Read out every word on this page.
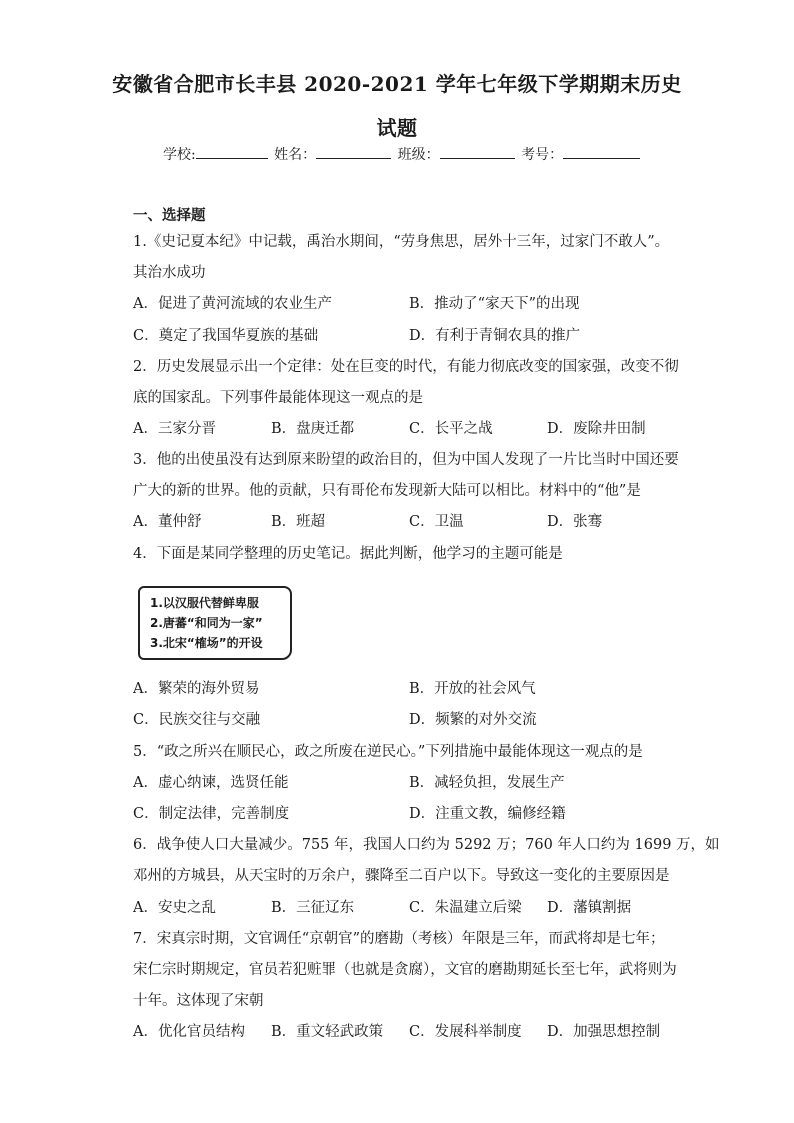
安徽省合肥市长丰县 2020-2021 学年七年级下学期期末历史
试题
学校:	姓名：	班级：	考号：
一、选择题
1.《史记夏本纪》中记载，禹治水期间，“劳身焦思，居外十三年，过家门不敢人”。
其治水成功
A．促进了黄河流域的农业生产	B．推动了“家天下”的出现
C．奠定了我国华夏族的基础	D．有利于青铜农具的推广
2．历史发展显示出一个定律：处在巨变的时代，有能力彻底改变的国家强，改变不彻
底的国家乱。下列事件最能体现这一观点的是
A．三家分晋	B．盘庚迁都	C．长平之战	D．废除井田制
3．他的出使虽没有达到原来盼望的政治目的，但为中国人发现了一片比当时中国还要
广大的新的世界。他的贡献，只有哥伦布发现新大陆可以相比。材料中的“他”是
A．董仲舒	B．班超	C．卫温	D．张骞
4．下面是某同学整理的历史笔记。据此判断，他学习的主题可能是
1.以汉服代替鲜卑服
2.唐蕃“和同为一家”
3.北宋“榷场”的开设
A．繁荣的海外贸易	B．开放的社会风气
C．民族交往与交融	D．频繁的对外交流
5．“政之所兴在顺民心，政之所废在逆民心。”下列措施中最能体现这一观点的是
A．虚心纳谏，选贤任能	B．减轻负担，发展生产
C．制定法律，完善制度	D．注重文教，编修经籍
6．战争使人口大量减少。755 年，我国人口约为 5292 万；760 年人口约为 1699 万，如
邓州的方城县，从天宝时的万余户，骤降至二百户以下。导致这一变化的主要原因是
A．安史之乱	B．三征辽东	C．朱温建立后梁 D．藩镇割据
7．宋真宗时期，文官调任“京朝官”的磨勘（考核）年限是三年，而武将却是七年；
宋仁宗时期规定，官员若犯赃罪（也就是贪腐），文官的磨勘期延长至七年，武将则为
十年。这体现了宋朝
A．优化官员结构 B．重文轻武政策 C．发展科举制度 D．加强思想控制
